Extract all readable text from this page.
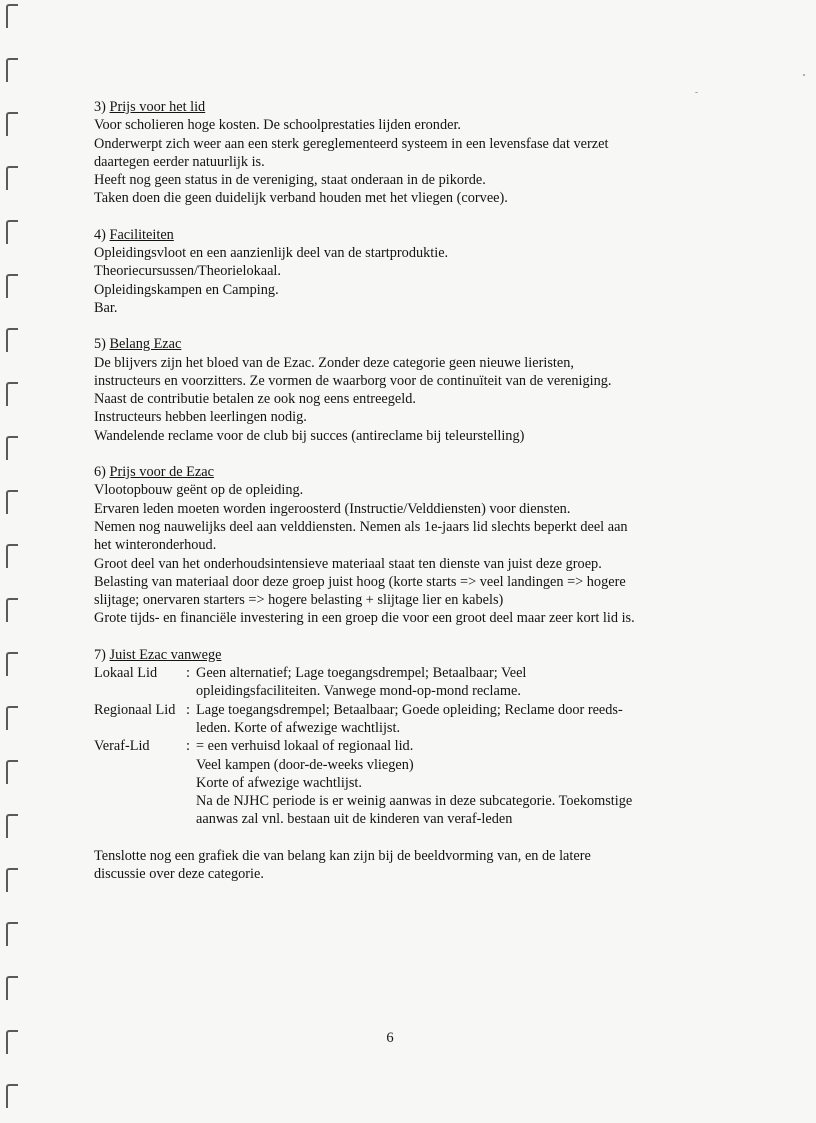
3) Prijs voor het lid
Voor scholieren hoge kosten. De schoolprestaties lijden eronder.
Onderwerpt zich weer aan een sterk gereglementeerd systeem in een levensfase dat verzet
daartegen eerder natuurlijk is.
Heeft nog geen status in de vereniging, staat onderaan in de pikorde.
Taken doen die geen duidelijk verband houden met het vliegen (corvee).
4) Faciliteiten
Opleidingsvloot en een aanzienlijk deel van de startproduktie.
Theoriecursussen/Theorielokaal.
Opleidingskampen en Camping.
Bar.
5) Belang Ezac
De blijvers zijn het bloed van de Ezac. Zonder deze categorie geen nieuwe lieristen,
instructeurs en voorzitters. Ze vormen de waarborg voor de continuïteit van de vereniging.
Naast de contributie betalen ze ook nog eens entreegeld.
Instructeurs hebben leerlingen nodig.
Wandelende reclame voor de club bij succes (antireclame bij teleurstelling)
6) Prijs voor de Ezac
Vlootopbouw geënt op de opleiding.
Ervaren leden moeten worden ingeroosterd (Instructie/Velddiensten) voor diensten.
Nemen nog nauwelijks deel aan velddiensten. Nemen als 1e-jaars lid slechts beperkt deel aan
het winteronderhoud.
Groot deel van het onderhoudsintensieve materiaal staat ten dienste van juist deze groep.
Belasting van materiaal door deze groep juist hoog (korte starts => veel landingen => hogere
slijtage; onervaren starters => hogere belasting + slijtage lier en kabels)
Grote tijds- en financiële investering in een groep die voor een groot deel maar zeer kort lid is.
7) Juist Ezac vanwege
Lokaal Lid	: Geen alternatief; Lage toegangsdrempel; Betaalbaar; Veel
opleidingsfaciliteiten. Vanwege mond-op-mond reclame.
Regionaal Lid : Lage toegangsdrempel; Betaalbaar; Goede opleiding; Reclame door reeds-
leden. Korte of afwezige wachtlijst.
Veraf-Lid	: = een verhuisd lokaal of regionaal lid.
Veel kampen (door-de-weeks vliegen)
Korte of afwezige wachtlijst.
Na de NJHC periode is er weinig aanwas in deze subcategorie. Toekomstige
aanwas zal vnl. bestaan uit de kinderen van veraf-leden
Tenslotte nog een grafiek die van belang kan zijn bij de beeldvorming van, en de latere
discussie over deze categorie.
6
